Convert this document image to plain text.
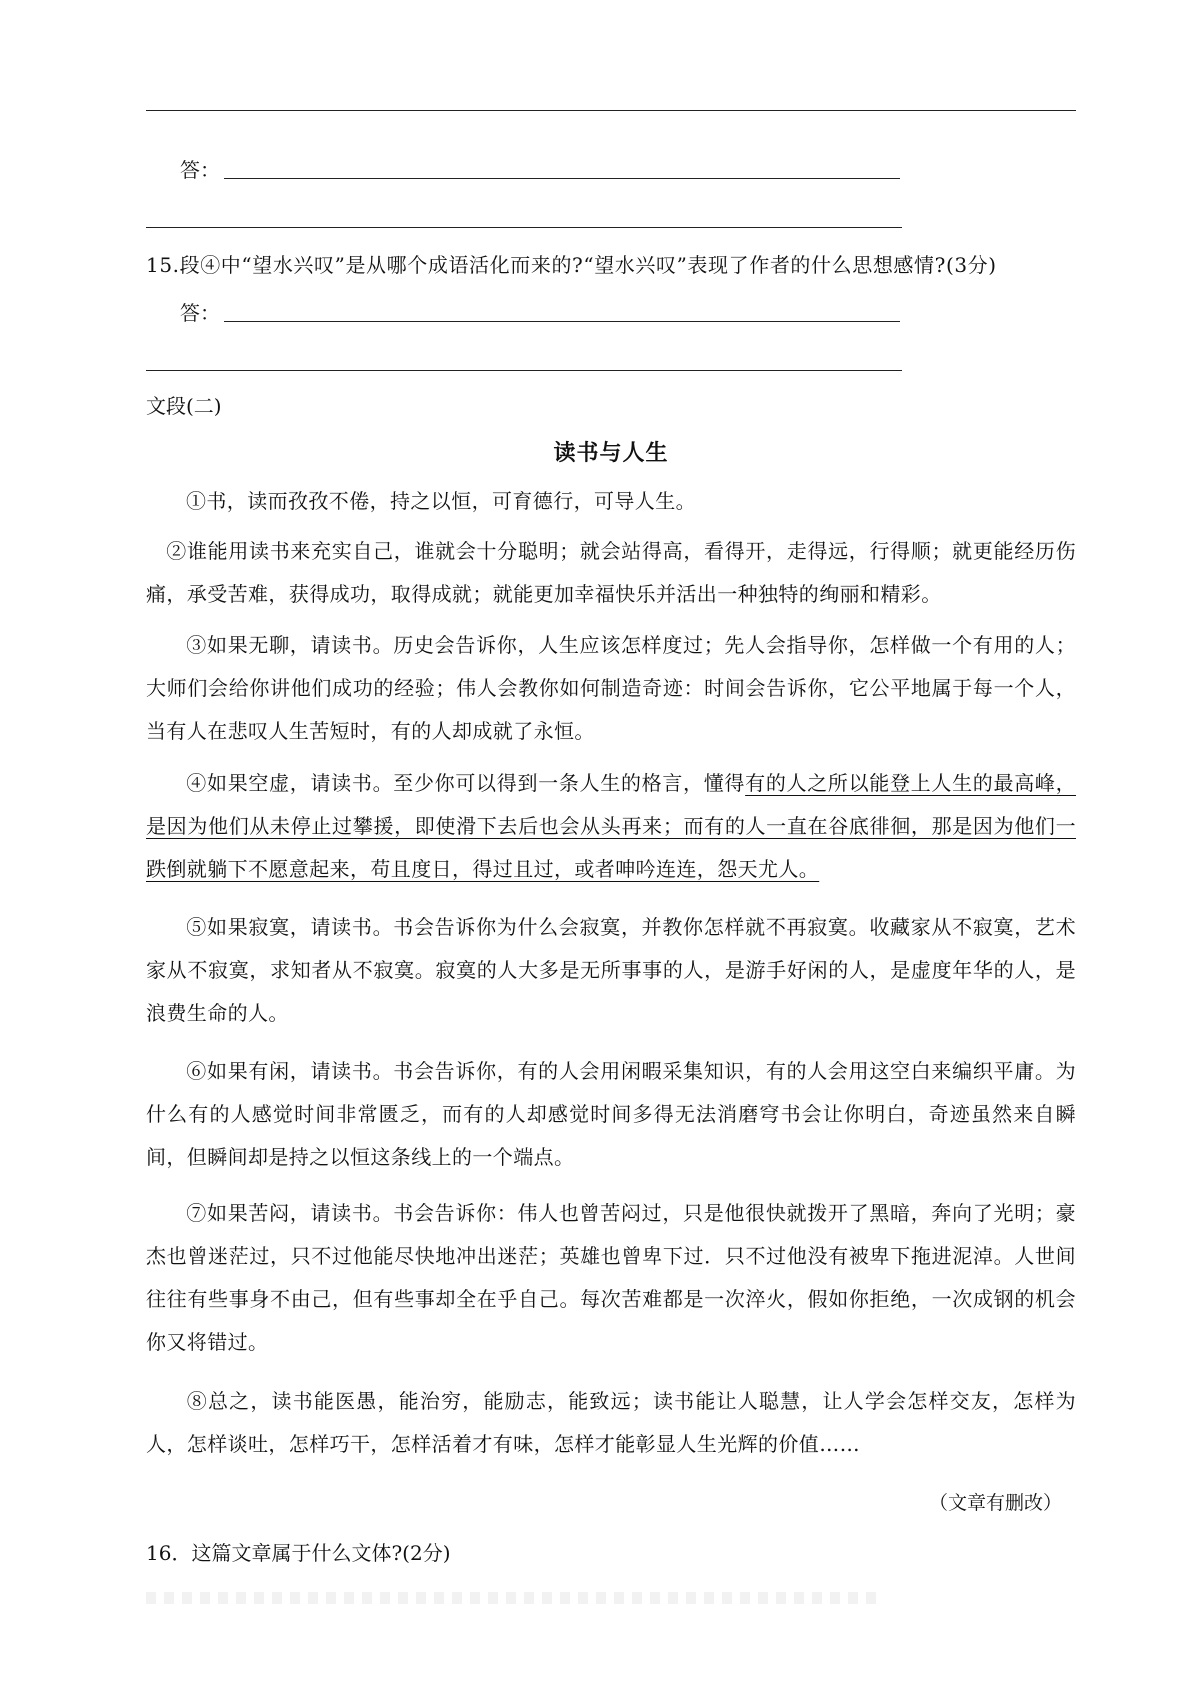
答：
15.段④中“望水兴叹”是从哪个成语活化而来的?“望水兴叹”表现了作者的什么思想感情?(3分)
答：
文段(二)
读书与人生
①书，读而孜孜不倦，持之以恒，可育德行，可导人生。
②谁能用读书来充实自己，谁就会十分聪明；就会站得高，看得开，走得远，行得顺；就更能经历伤痛，承受苦难，获得成功，取得成就；就能更加幸福快乐并活出一种独特的绚丽和精彩。
③如果无聊，请读书。历史会告诉你，人生应该怎样度过；先人会指导你，怎样做一个有用的人；大师们会给你讲他们成功的经验；伟人会教你如何制造奇迹：时间会告诉你，它公平地属于每一个人，当有人在悲叹人生苦短时，有的人却成就了永恒。
④如果空虚，请读书。至少你可以得到一条人生的格言，懂得有的人之所以能登上人生的最高峰，是因为他们从未停止过攀援，即使滑下去后也会从头再来；而有的人一直在谷底徘徊，那是因为他们一跌倒就躺下不愿意起来，苟且度日，得过且过，或者呻吟连连，怨天尤人。
⑤如果寂寞，请读书。书会告诉你为什么会寂寞，并教你怎样就不再寂寞。收藏家从不寂寞，艺术家从不寂寞，求知者从不寂寞。寂寞的人大多是无所事事的人，是游手好闲的人，是虚度年华的人，是浪费生命的人。
⑥如果有闲，请读书。书会告诉你，有的人会用闲暇采集知识，有的人会用这空白来编织平庸。为什么有的人感觉时间非常匮乏，而有的人却感觉时间多得无法消磨穹书会让你明白，奇迹虽然来自瞬间，但瞬间却是持之以恒这条线上的一个端点。
⑦如果苦闷，请读书。书会告诉你：伟人也曾苦闷过，只是他很快就拨开了黑暗，奔向了光明；豪杰也曾迷茫过，只不过他能尽快地冲出迷茫；英雄也曾卑下过．只不过他没有被卑下拖进泥淖。人世间往往有些事身不由己，但有些事却全在乎自己。每次苦难都是一次淬火，假如你拒绝，一次成钢的机会你又将错过。
⑧总之，读书能医愚，能治穷，能励志，能致远；读书能让人聪慧，让人学会怎样交友，怎样为人，怎样谈吐，怎样巧干，怎样活着才有味，怎样才能彰显人生光辉的价值……
（文章有删改）
16．这篇文章属于什么文体?(2分)
